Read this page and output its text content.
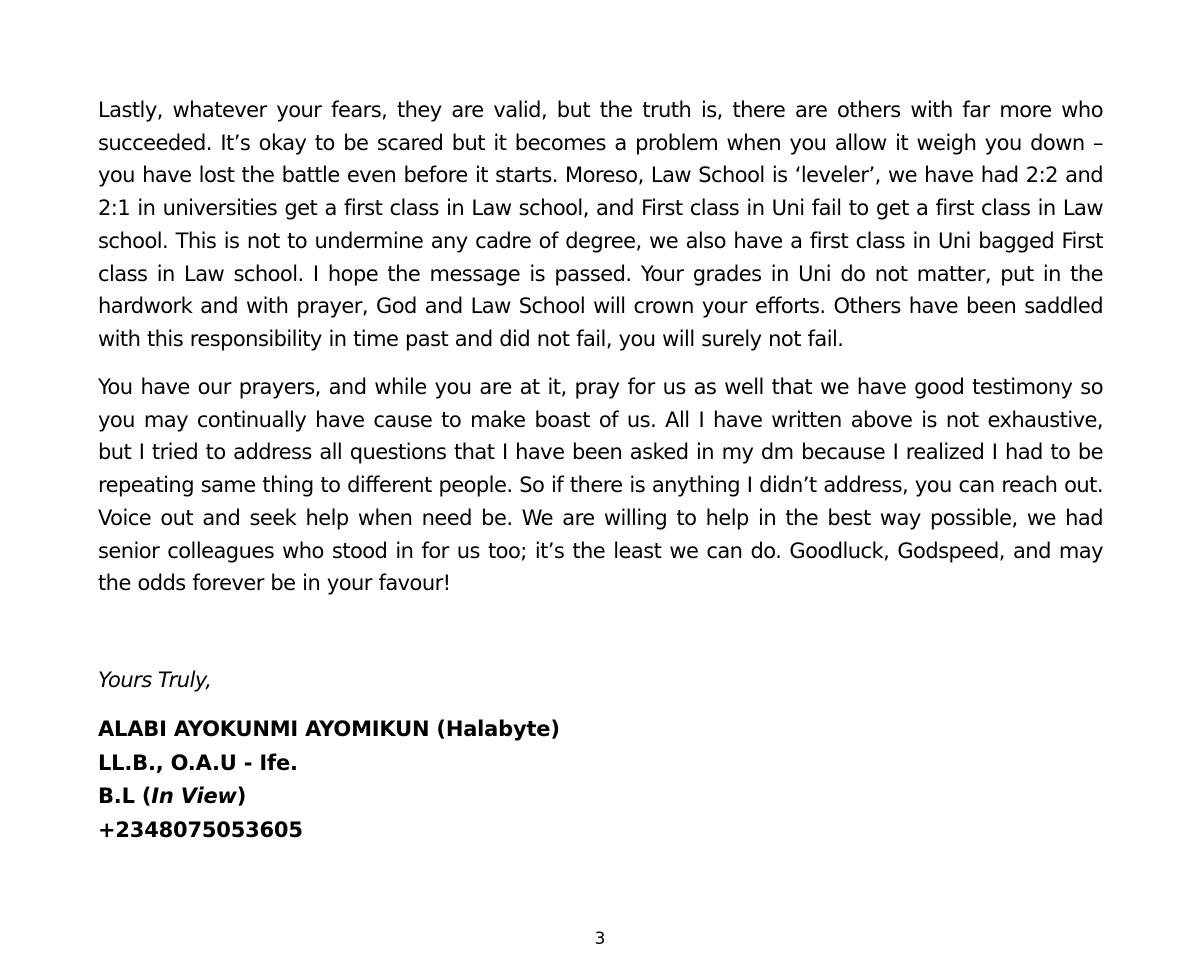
Lastly, whatever your fears, they are valid, but the truth is, there are others with far more who succeeded. It’s okay to be scared but it becomes a problem when you allow it weigh you down – you have lost the battle even before it starts. Moreso, Law School is ‘leveler’, we have had 2:2 and 2:1 in universities get a first class in Law school, and First class in Uni fail to get a first class in Law school. This is not to undermine any cadre of degree, we also have a first class in Uni bagged First class in Law school. I hope the message is passed. Your grades in Uni do not matter, put in the hardwork and with prayer, God and Law School will crown your efforts. Others have been saddled with this responsibility in time past and did not fail, you will surely not fail.

You have our prayers, and while you are at it, pray for us as well that we have good testimony so you may continually have cause to make boast of us. All I have written above is not exhaustive, but I tried to address all questions that I have been asked in my dm because I realized I had to be repeating same thing to different people. So if there is anything I didn’t address, you can reach out. Voice out and seek help when need be. We are willing to help in the best way possible, we had senior colleagues who stood in for us too; it’s the least we can do. Goodluck, Godspeed, and may the odds forever be in your favour!

Yours Truly,
ALABI AYOKUNMI AYOMIKUN (Halabyte)
LL.B., O.A.U - Ife.
B.L (In View)
+2348075053605
3
